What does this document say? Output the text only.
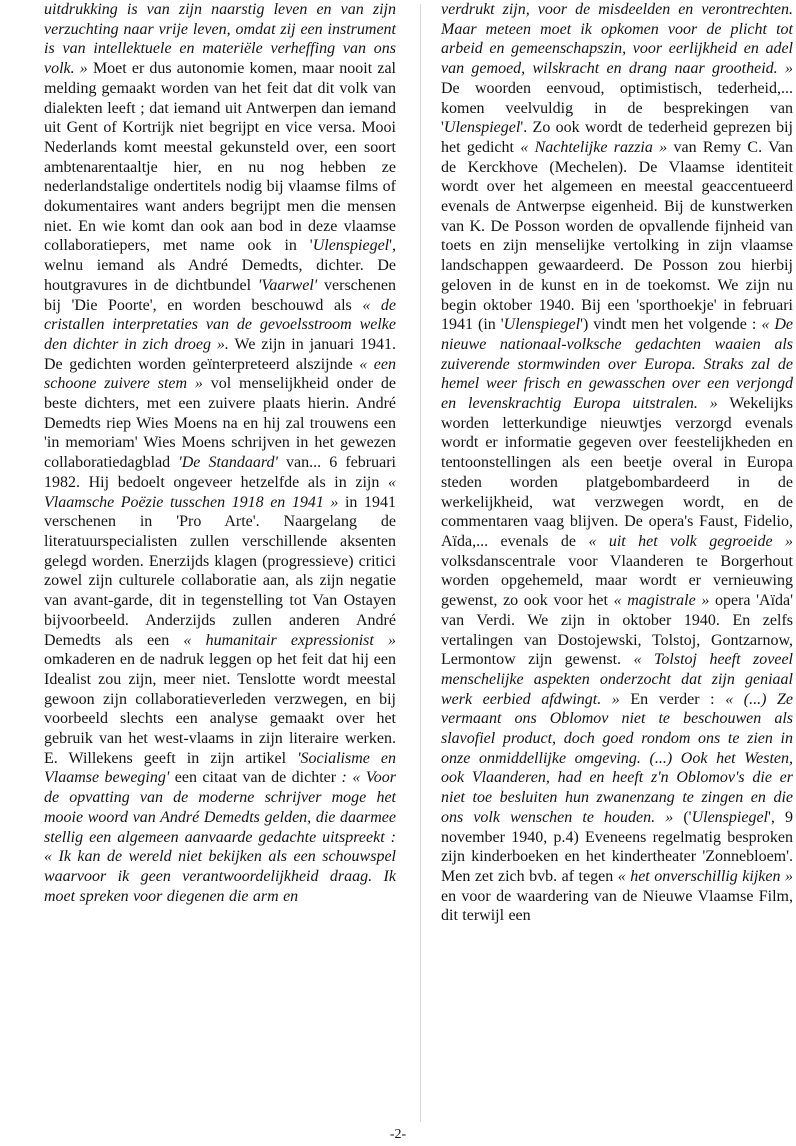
uitdrukking is van zijn naarstig leven en van zijn verzuchting naar vrije leven, omdat zij een instrument is van intellektuele en materiële verheffing van ons volk. » Moet er dus autonomie komen, maar nooit zal melding gemaakt worden van het feit dat dit volk van dialekten leeft ; dat iemand uit Antwerpen dan iemand uit Gent of Kortrijk niet begrijpt en vice versa. Mooi Nederlands komt meestal gekunsteld over, een soort ambtenarentaaltje hier, en nu nog hebben ze nederlandstalige ondertitels nodig bij vlaamse films of dokumentaires want anders begrijpt men die mensen niet. En wie komt dan ook aan bod in deze vlaamse collaboratiepers, met name ook in 'Ulenspiegel', welnu iemand als André Demedts, dichter. De houtgravures in de dichtbundel 'Vaarwel' verschenen bij 'Die Poorte', en worden beschouwd als « de cristallen interpretaties van de gevoelsstroom welke den dichter in zich droeg ». We zijn in januari 1941. De gedichten worden geïnterpreteerd alszijnde « een schoone zuivere stem » vol menselijkheid onder de beste dichters, met een zuivere plaats hierin. André Demedts riep Wies Moens na en hij zal trouwens een 'in memoriam' Wies Moens schrijven in het gewezen collaboratiedagblad 'De Standaard' van... 6 februari 1982. Hij bedoelt ongeveer hetzelfde als in zijn « Vlaamsche Poëzie tusschen 1918 en 1941 » in 1941 verschenen in 'Pro Arte'. Naargelang de literatuurspecialisten zullen verschillende aksenten gelegd worden. Enerzijds klagen (progressieve) critici zowel zijn culturele collaboratie aan, als zijn negatie van avant-garde, dit in tegenstelling tot Van Ostayen bijvoorbeeld. Anderzijds zullen anderen André Demedts als een « humanitair expressionist » omkaderen en de nadruk leggen op het feit dat hij een Idealist zou zijn, meer niet. Tenslotte wordt meestal gewoon zijn collaboratieverleden verzwegen, en bij voorbeeld slechts een analyse gemaakt over het gebruik van het west-vlaams in zijn literaire werken. E. Willekens geeft in zijn artikel 'Socialisme en Vlaamse beweging' een citaat van de dichter : « Voor de opvatting van de moderne schrijver moge het mooie woord van André Demedts gelden, die daarmee stellig een algemeen aanvaarde gedachte uitspreekt : « Ik kan de wereld niet bekijken als een schouwspel waarvoor ik geen verantwoordelijkheid draag. Ik moet spreken voor diegenen die arm en

verdrukt zijn, voor de misdeelden en verontrechten. Maar meteen moet ik opkomen voor de plicht tot arbeid en gemeenschapszin, voor eerlijkheid en adel van gemoed, wilskracht en drang naar grootheid. » De woorden eenvoud, optimistisch, tederheid,... komen veelvuldig in de besprekingen van 'Ulenspiegel'. Zo ook wordt de tederheid geprezen bij het gedicht « Nachtelijke razzia » van Remy C. Van de Kerckhove (Mechelen). De Vlaamse identiteit wordt over het algemeen en meestal geaccentueerd evenals de Antwerpse eigenheid. Bij de kunstwerken van K. De Posson worden de opvallende fijnheid van toets en zijn menselijke vertolking in zijn vlaamse landschappen gewaardeerd. De Posson zou hierbij geloven in de kunst en in de toekomst. We zijn nu begin oktober 1940. Bij een 'sporthoekje' in februari 1941 (in 'Ulenspiegel') vindt men het volgende : « De nieuwe nationaal-volksche gedachten waaien als zuiverende stormwinden over Europa. Straks zal de hemel weer frisch en gewasschen over een verjongd en levenskrachtig Europa uitstralen. » Wekelijks worden letterkundige nieuwtjes verzorgd evenals wordt er informatie gegeven over feestelijkheden en tentoonstellingen als een beetje overal in Europa steden worden platgebombardeerd in de werkelijkheid, wat verzwegen wordt, en de commentaren vaag blijven. De opera's Faust, Fidelio, Aïda,... evenals de « uit het volk gegroeide » volksdanscentrale voor Vlaanderen te Borgerhout worden opgehemeld, maar wordt er vernieuwing gewenst, zo ook voor het « magistrale » opera 'Aïda' van Verdi. We zijn in oktober 1940. En zelfs vertalingen van Dostojewski, Tolstoj, Gontzarnow, Lermontow zijn gewenst. « Tolstoj heeft zoveel menschelijke aspekten onderzocht dat zijn geniaal werk eerbied afdwingt. » En verder : « (...) Ze vermaant ons Oblomov niet te beschouwen als slavofiel product, doch goed rondom ons te zien in onze onmiddellijke omgeving. (...) Ook het Westen, ook Vlaanderen, had en heeft z'n Oblomov's die er niet toe besluiten hun zwanenzang te zingen en die ons volk wenschen te houden. » ('Ulenspiegel', 9 november 1940, p.4) Eveneens regelmatig besproken zijn kinderboeken en het kindertheater 'Zonnebloem'. Men zet zich bvb. af tegen « het onverschillig kijken » en voor de waardering van de Nieuwe Vlaamse Film, dit terwijl een

-2-
